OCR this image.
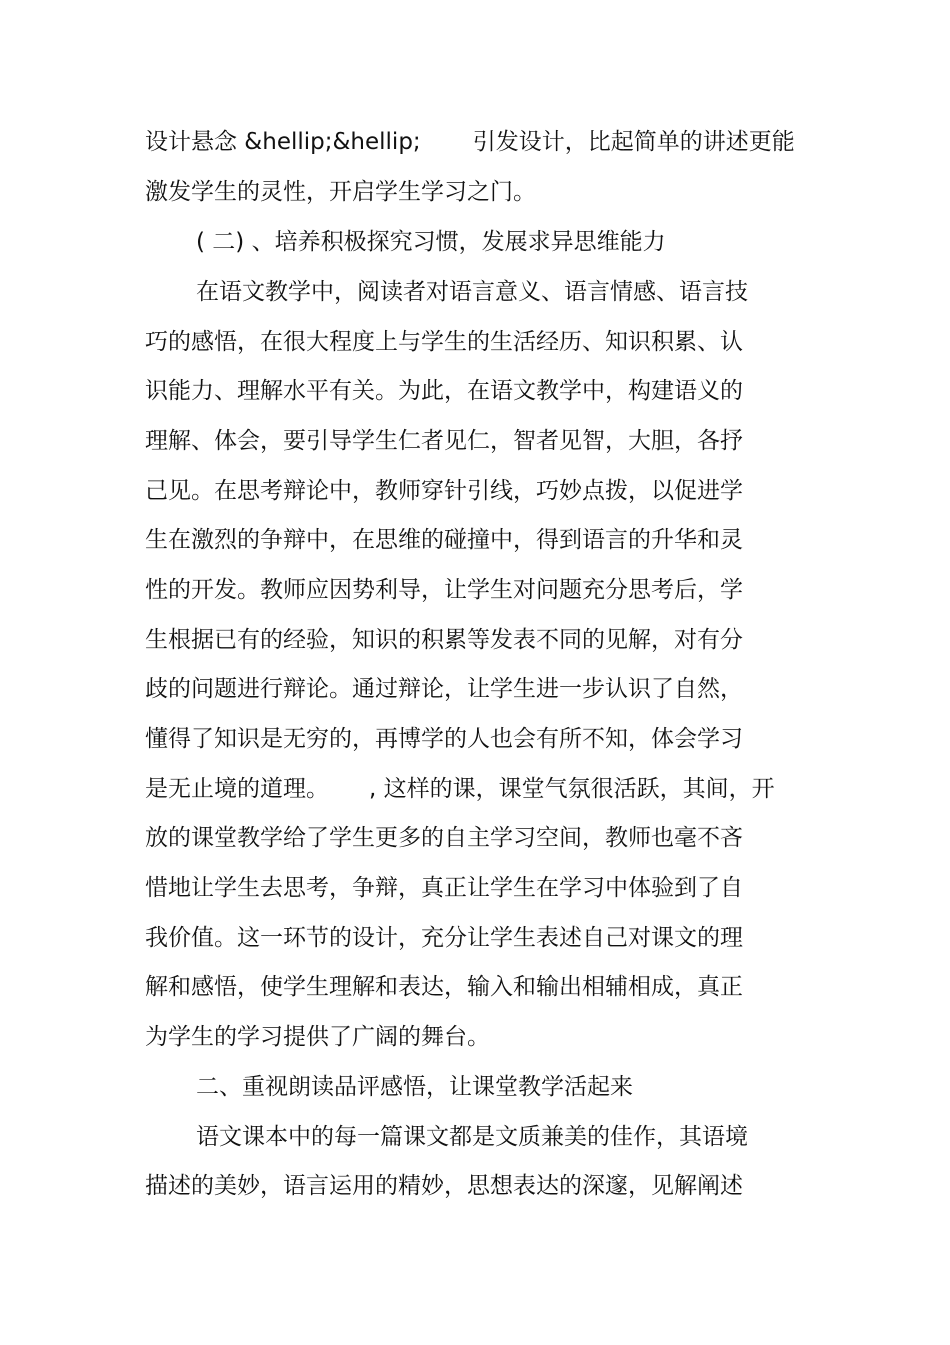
设计悬念 &hellip;&hellip; 引发设计，比起简单的讲述更能
激发学生的灵性，开启学生学习之门。
( 二) 、培养积极探究习惯，发展求异思维能力
在语文教学中，阅读者对语言意义、语言情感、语言技
巧的感悟，在很大程度上与学生的生活经历、知识积累、认
识能力、理解水平有关。为此，在语文教学中，构建语义的
理解、体会，要引导学生仁者见仁，智者见智，大胆，各抒
己见。在思考辩论中，教师穿针引线，巧妙点拨，以促进学
生在激烈的争辩中，在思维的碰撞中，得到语言的升华和灵
性的开发。教师应因势利导，让学生对问题充分思考后，学
生根据已有的经验，知识的积累等发表不同的见解，对有分
歧的问题进行辩论。通过辩论，让学生进一步认识了自然，
懂得了知识是无穷的，再博学的人也会有所不知，体会学习
是无止境的道理。 , 这样的课，课堂气氛很活跃，其间，开
放的课堂教学给了学生更多的自主学习空间，教师也毫不吝
惜地让学生去思考，争辩，真正让学生在学习中体验到了自
我价值。这一环节的设计，充分让学生表述自己对课文的理
解和感悟，使学生理解和表达，输入和输出相辅相成，真正
为学生的学习提供了广阔的舞台。
二、重视朗读品评感悟，让课堂教学活起来
语文课本中的每一篇课文都是文质兼美的佳作，其语境
描述的美妙，语言运用的精妙，思想表达的深邃，见解阐述
